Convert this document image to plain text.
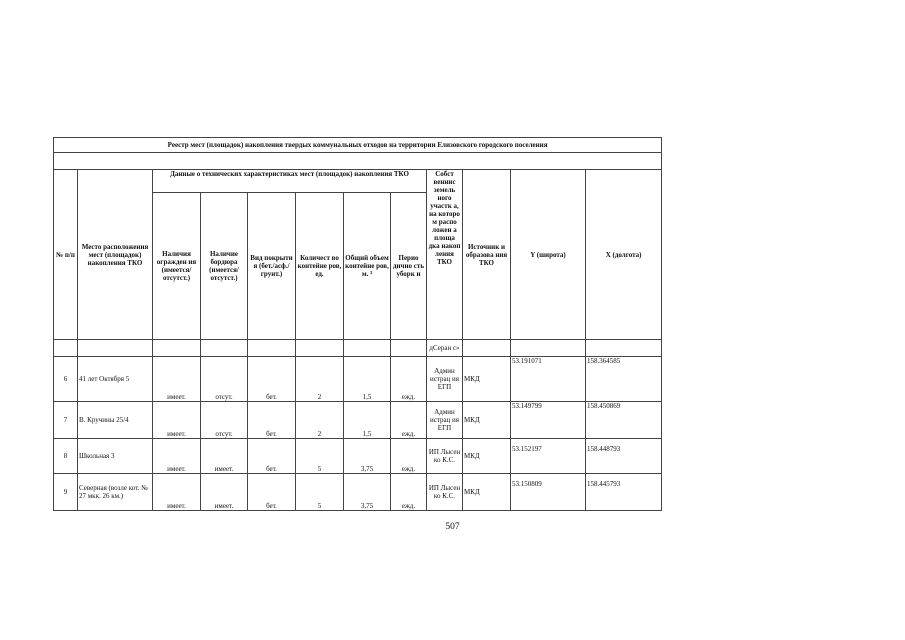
Реестр мест (площадок) накопления твердых коммунальных отходов на территории Елизовского городского поселения											

№ п/п	Место расположения мест (площадок) накопления ТКО	Данные о технических характеристиках мест (площадок) накопления ТКО						Собст веннис земель ного участк а, на которо м распо ложен а площа дка накоп ления ТКО	Источник и образова ния ТКО	Y (широта)	X (долгота)
		Наличия огражден ия (имеется/ отсутст.)	Наличие бордюра (имеется/ отсутст.)	Вид покрыти я (бет./асф./ грунт.)	Количест во контейне ров, ед.	Общий объем контейне ров, м. ³	Перио дично сть уборк и				
								дСеран с»			
6	41 лет Октября 5	имеет.	отсут.	бет.	2	1,5	ежд.	Админ истрац ия ЕГП	МКД	53.191071	158.364585
7	В. Кручины 25/4	имеет.	отсут.	бет.	2	1,5	ежд.	Админ истрац ия ЕГП	МКД	53.149799	158.450869
8	Школьная 3	имеет.	имеет.	бет.	5	3,75	ежд.	ИП Лысен ко К.С.	МКД	53.152197	158.448793
9	Северная (возле кот. № 27 мкк. 26 км.)	имеет.	имеет.	бет.	5	3,75	ежд.	ИП Лысен ко К.С.	МКД	53.150809	158.445793
507
